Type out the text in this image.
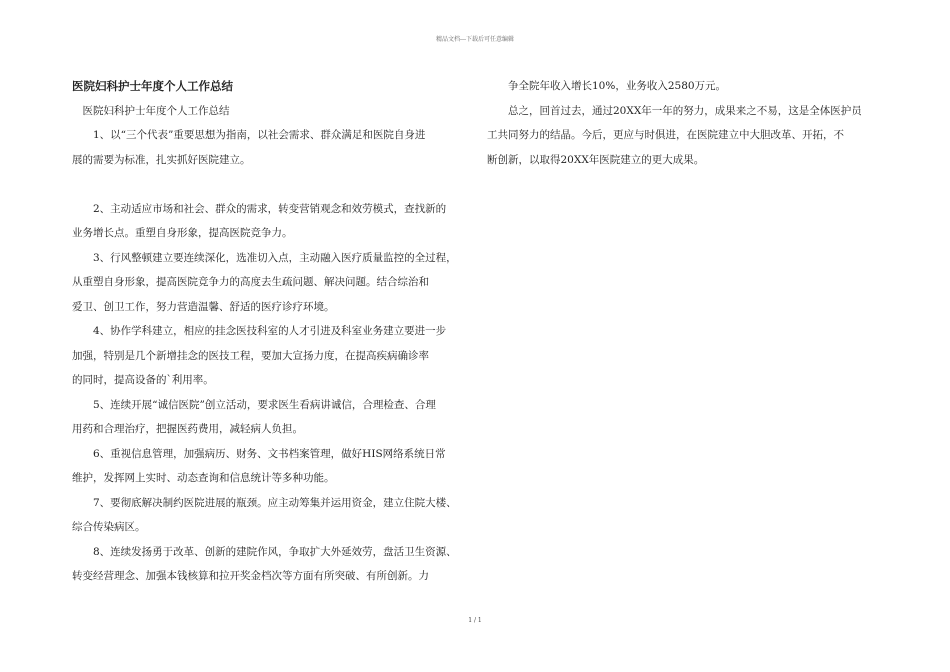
精品文档---下载后可任意编辑
医院妇科护士年度个人工作总结

医院妇科护士年度个人工作总结

1、以“三个代表”重要思想为指南，以社会需求、群众满足和医院自身进

展的需要为标准，扎实抓好医院建立。

2、主动适应市场和社会、群众的需求，转变营销观念和效劳模式，查找新的

业务增长点。重塑自身形象，提高医院竞争力。

3、行风整顿建立要连续深化，选准切入点，主动融入医疗质量监控的全过程，

从重塑自身形象，提高医院竞争力的高度去生疏问题、解决问题。结合综治和

爱卫、创卫工作，努力营造温馨、舒适的医疗诊疗环境。

4、协作学科建立，相应的挂念医技科室的人才引进及科室业务建立要进一步

加强，特别是几个新增挂念的医技工程，要加大宣扬力度，在提高疾病确诊率

的同时，提高设备的`利用率。

5、连续开展“诚信医院”创立活动，要求医生看病讲诚信，合理检查、合理

用药和合理治疗，把握医药费用，减轻病人负担。

6、重视信息管理，加强病历、财务、文书档案管理，做好HIS网络系统日常

维护，发挥网上实时、动态查询和信息统计等多种功能。

7、要彻底解决制约医院进展的瓶颈。应主动筹集并运用资金，建立住院大楼、

综合传染病区。

8、连续发扬勇于改革、创新的建院作风，争取扩大外延效劳，盘活卫生资源、

转变经营理念、加强本钱核算和拉开奖金档次等方面有所突破、有所创新。力

争全院年收入增长10%，业务收入2580万元。

总之，回首过去，通过20XX年一年的努力，成果来之不易，这是全体医护员

工共同努力的结晶。今后，更应与时俱进，在医院建立中大胆改革、开拓，不

断创新，以取得20XX年医院建立的更大成果。

1 / 1
